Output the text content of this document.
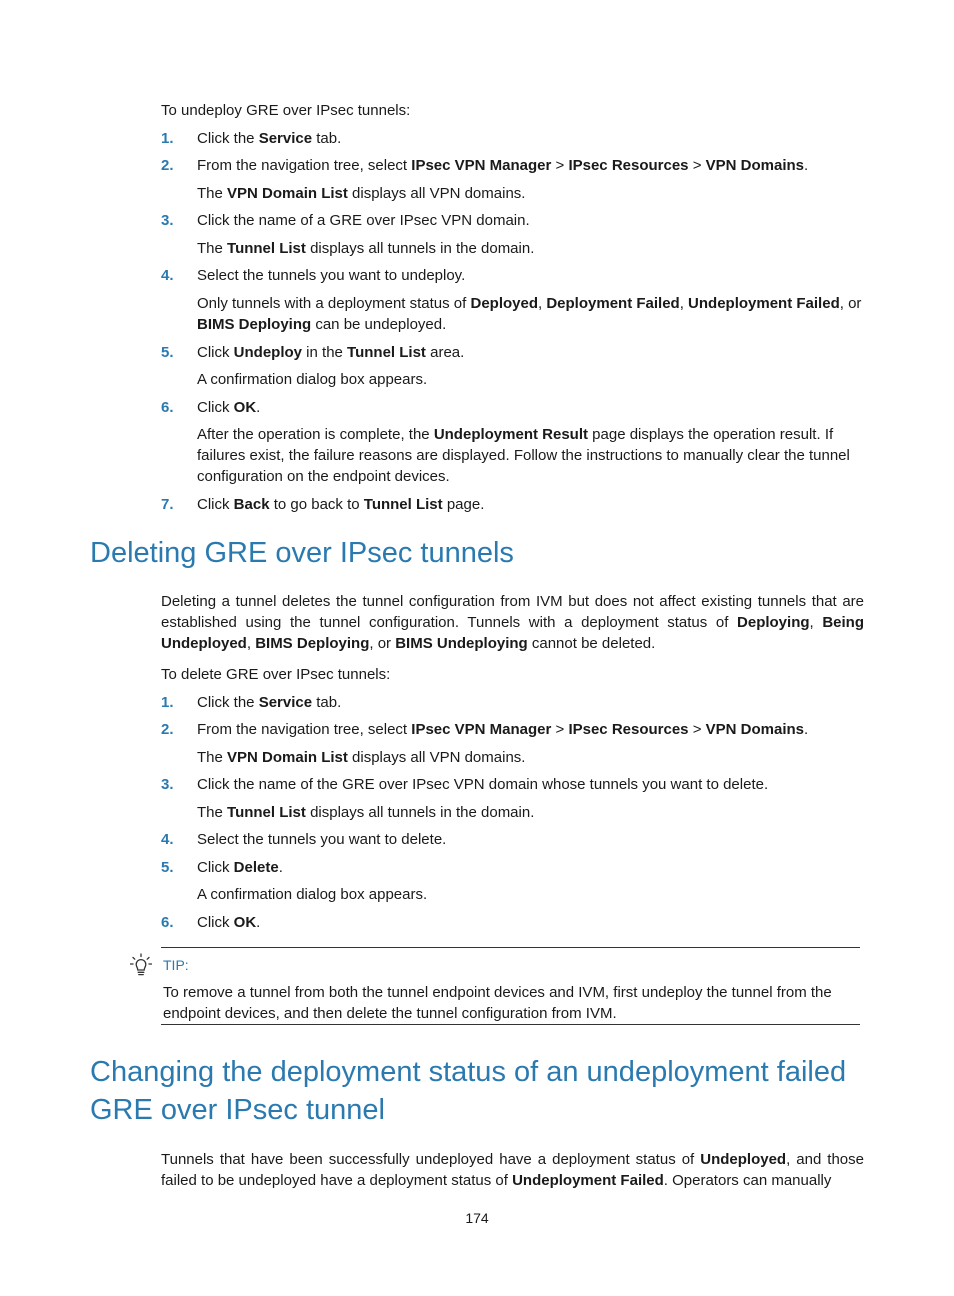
To undeploy GRE over IPsec tunnels:
1. Click the Service tab.
2. From the navigation tree, select IPsec VPN Manager > IPsec Resources > VPN Domains.
The VPN Domain List displays all VPN domains.
3. Click the name of a GRE over IPsec VPN domain.
The Tunnel List displays all tunnels in the domain.
4. Select the tunnels you want to undeploy.
Only tunnels with a deployment status of Deployed, Deployment Failed, Undeployment Failed, or BIMS Deploying can be undeployed.
5. Click Undeploy in the Tunnel List area.
A confirmation dialog box appears.
6. Click OK.
After the operation is complete, the Undeployment Result page displays the operation result. If failures exist, the failure reasons are displayed. Follow the instructions to manually clear the tunnel configuration on the endpoint devices.
7. Click Back to go back to Tunnel List page.
Deleting GRE over IPsec tunnels
Deleting a tunnel deletes the tunnel configuration from IVM but does not affect existing tunnels that are established using the tunnel configuration. Tunnels with a deployment status of Deploying, Being Undeployed, BIMS Deploying, or BIMS Undeploying cannot be deleted.
To delete GRE over IPsec tunnels:
1. Click the Service tab.
2. From the navigation tree, select IPsec VPN Manager > IPsec Resources > VPN Domains.
The VPN Domain List displays all VPN domains.
3. Click the name of the GRE over IPsec VPN domain whose tunnels you want to delete.
The Tunnel List displays all tunnels in the domain.
4. Select the tunnels you want to delete.
5. Click Delete.
A confirmation dialog box appears.
6. Click OK.
TIP:
To remove a tunnel from both the tunnel endpoint devices and IVM, first undeploy the tunnel from the endpoint devices, and then delete the tunnel configuration from IVM.
Changing the deployment status of an undeployment failed GRE over IPsec tunnel
Tunnels that have been successfully undeployed have a deployment status of Undeployed, and those failed to be undeployed have a deployment status of Undeployment Failed. Operators can manually
174
